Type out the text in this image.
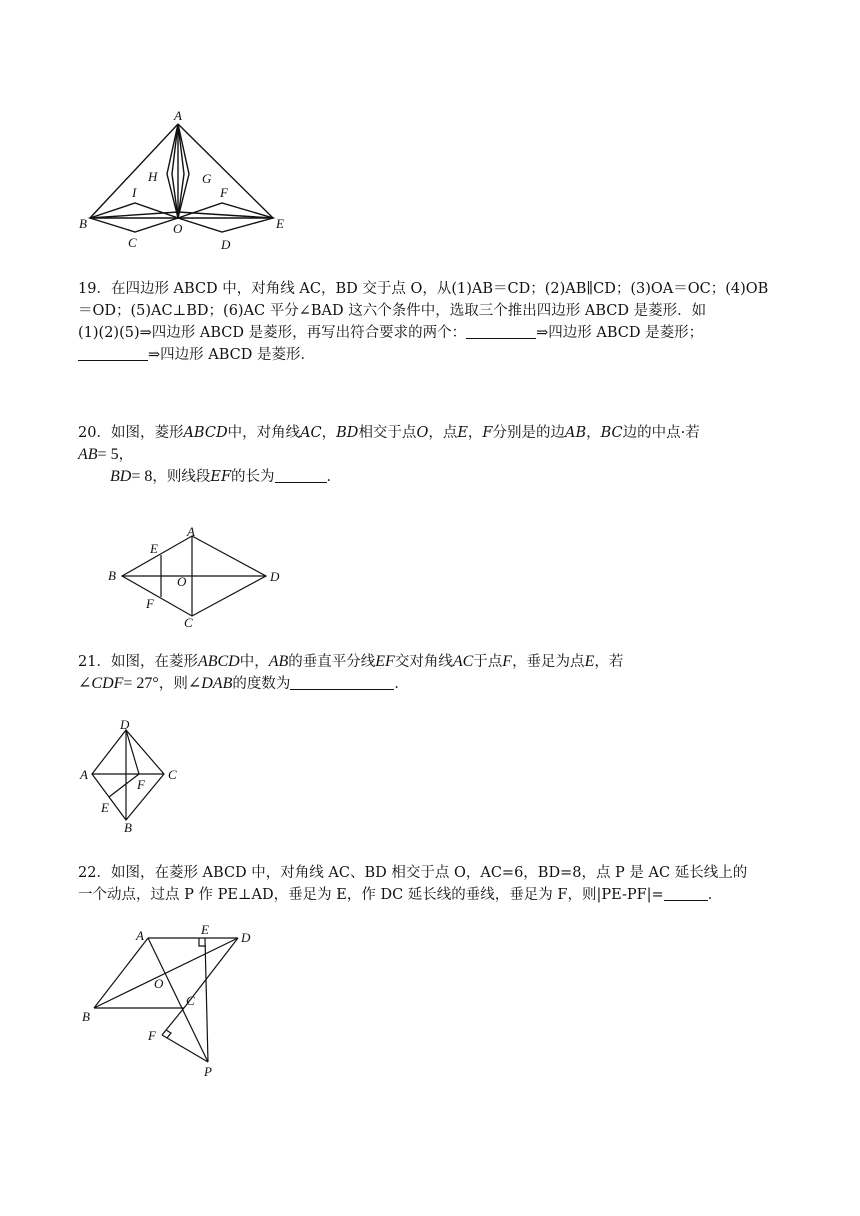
A
H	G
I	F
B	O	E
C	D

19．在四边形 ABCD 中，对角线 AC，BD 交于点 O，从(1)AB＝CD；(2)AB∥CD；(3)OA＝OC；(4)OB

＝OD；(5)AC⊥BD；(6)AC 平分∠BAD 这六个条件中，选取三个推出四边形 ABCD 是菱形．如

(1)(2)(5)⇒四边形 ABCD 是菱形，再写出符合要求的两个：	⇒四边形 ABCD 是菱形；

⇒四边形 ABCD 是菱形．

20．如图，菱形ABCD中，对角线AC，BD相交于点O，点E，F分别是的边AB，BC边的中点·若

AB= 5，

BD= 8，则线段EF的长为	．

A
E
B	O	D
F
C

21．如图，在菱形ABCD中，AB的垂直平分线EF交对角线AC于点F，垂足为点E，若

∠CDF= 27°，则∠DAB的度数为	．

D
A
F
C
E
B

22．如图，在菱形 ABCD 中，对角线 AC、BD 相交于点 O，AC=6，BD=8，点 P 是 AC 延长线上的

一个动点，过点 P 作 PE⊥AD，垂足为 E，作 DC 延长线的垂线，垂足为 F，则|PE-PF|=	．

A	E
D
O
C
B
F
P
